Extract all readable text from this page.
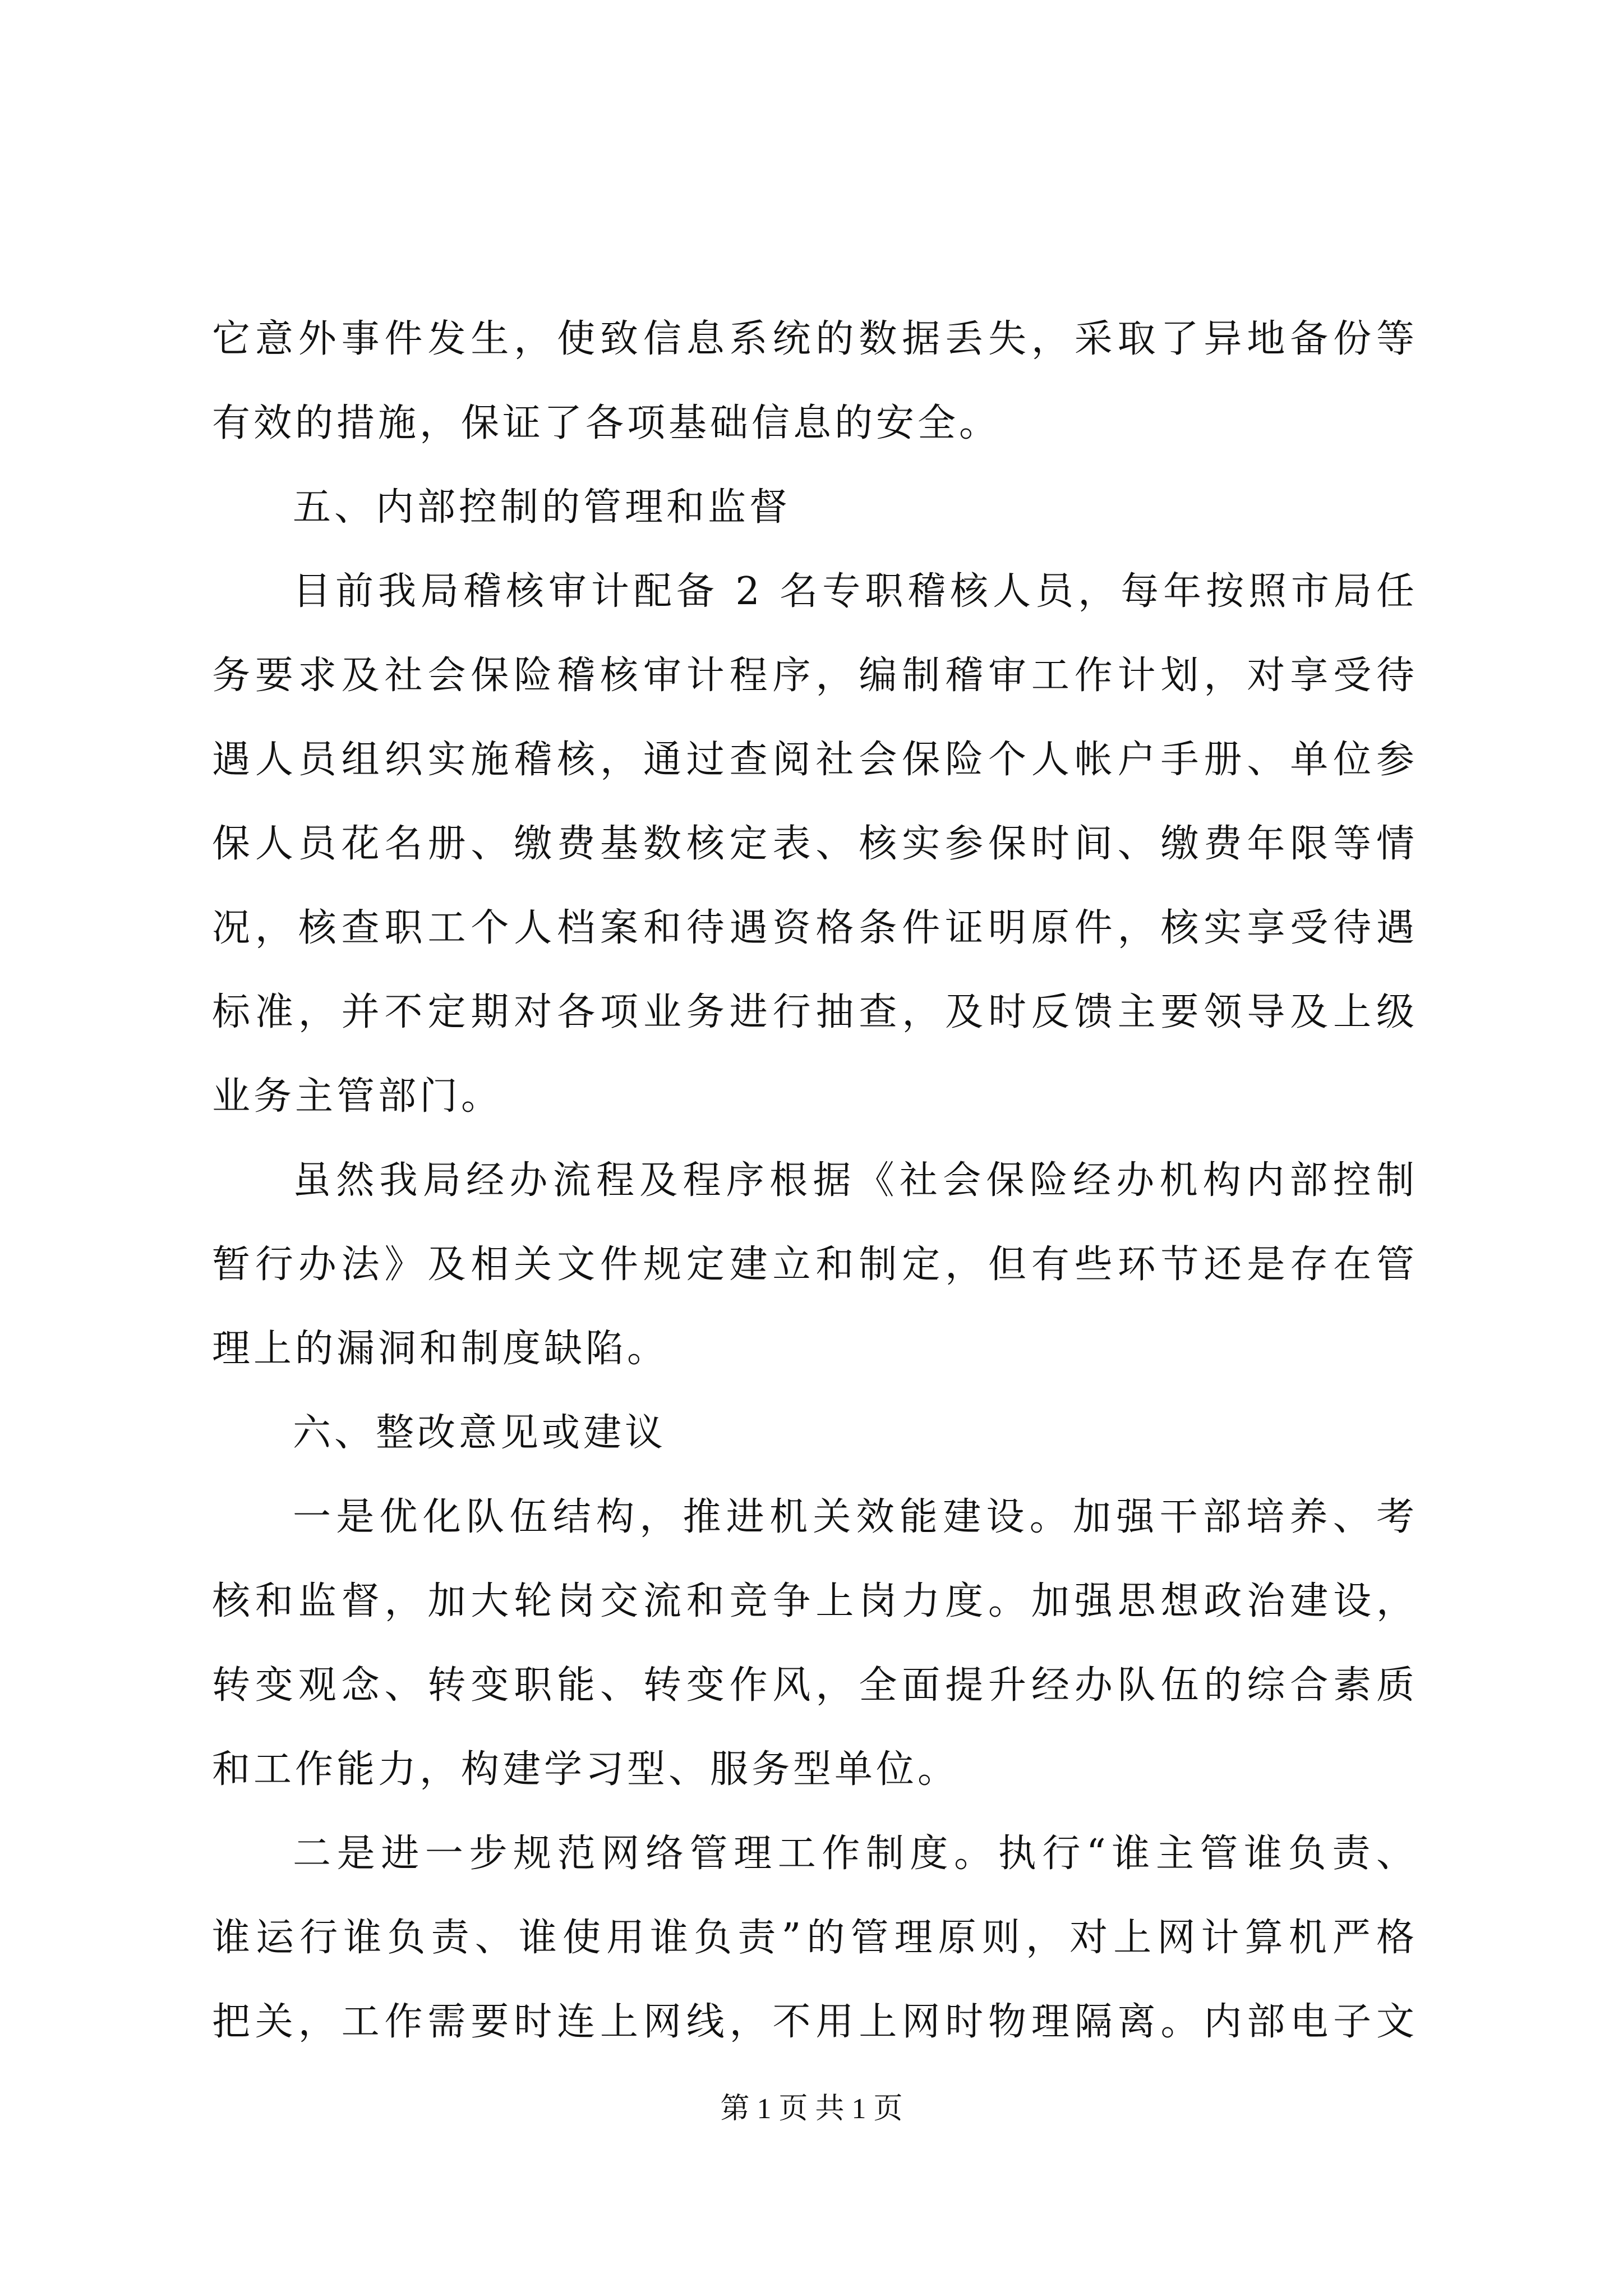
它意外事件发生，使致信息系统的数据丢失，采取了异地备份等
有效的措施，保证了各项基础信息的安全。
五、内部控制的管理和监督
目前我局稽核审计配备 2 名专职稽核人员，每年按照市局任
务要求及社会保险稽核审计程序，编制稽审工作计划，对享受待
遇人员组织实施稽核，通过查阅社会保险个人帐户手册、单位参
保人员花名册、缴费基数核定表、核实参保时间、缴费年限等情
况，核查职工个人档案和待遇资格条件证明原件，核实享受待遇
标准，并不定期对各项业务进行抽查，及时反馈主要领导及上级
业务主管部门。
虽然我局经办流程及程序根据《社会保险经办机构内部控制
暂行办法》及相关文件规定建立和制定，但有些环节还是存在管
理上的漏洞和制度缺陷。
六、整改意见或建议
一是优化队伍结构，推进机关效能建设。加强干部培养、考
核和监督，加大轮岗交流和竞争上岗力度。加强思想政治建设，
转变观念、转变职能、转变作风，全面提升经办队伍的综合素质
和工作能力，构建学习型、服务型单位。
二是进一步规范网络管理工作制度。执行“谁主管谁负责、
谁运行谁负责、谁使用谁负责”的管理原则，对上网计算机严格
把关，工作需要时连上网线，不用上网时物理隔离。内部电子文
第 1 页 共 1 页
